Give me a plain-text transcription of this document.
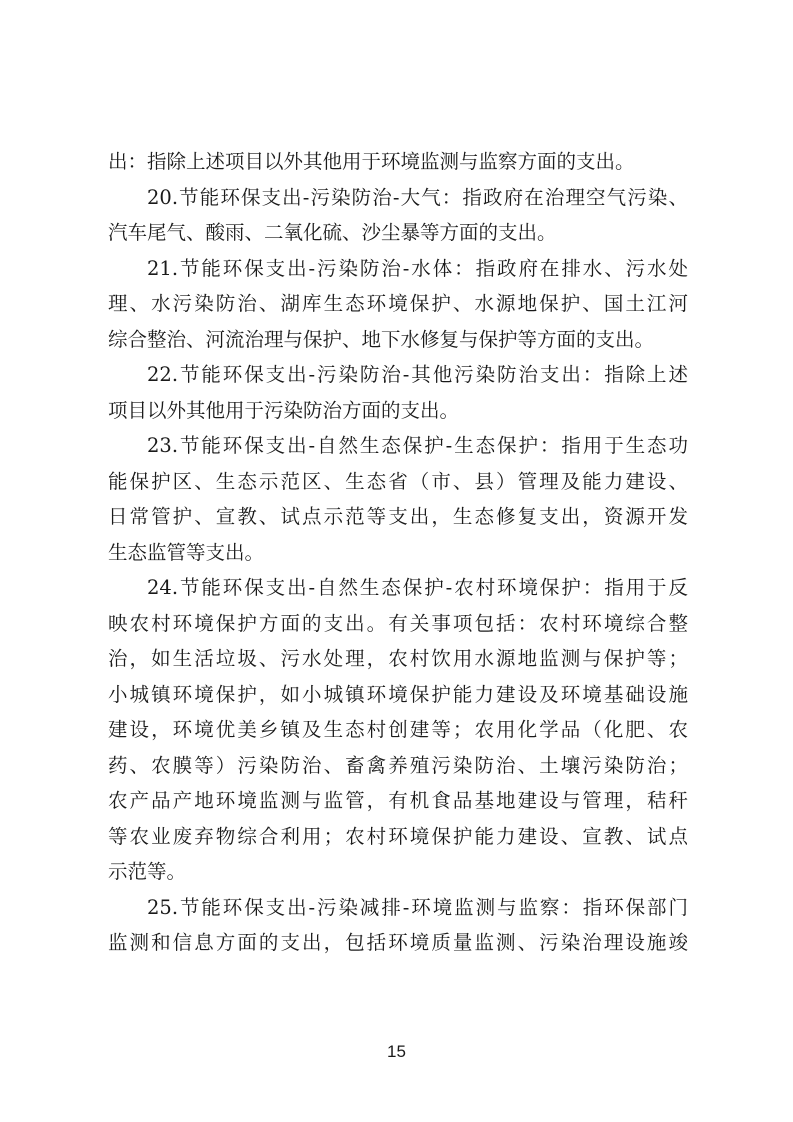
出：指除上述项目以外其他用于环境监测与监察方面的支出。
20.节能环保支出-污染防治-大气：指政府在治理空气污染、
汽车尾气、酸雨、二氧化硫、沙尘暴等方面的支出。
21.节能环保支出-污染防治-水体：指政府在排水、污水处
理、水污染防治、湖库生态环境保护、水源地保护、国土江河
综合整治、河流治理与保护、地下水修复与保护等方面的支出。
22.节能环保支出-污染防治-其他污染防治支出：指除上述
项目以外其他用于污染防治方面的支出。
23.节能环保支出-自然生态保护-生态保护：指用于生态功
能保护区、生态示范区、生态省（市、县）管理及能力建设、
日常管护、宣教、试点示范等支出，生态修复支出，资源开发
生态监管等支出。
24.节能环保支出-自然生态保护-农村环境保护：指用于反
映农村环境保护方面的支出。有关事项包括：农村环境综合整
治，如生活垃圾、污水处理，农村饮用水源地监测与保护等；
小城镇环境保护，如小城镇环境保护能力建设及环境基础设施
建设，环境优美乡镇及生态村创建等；农用化学品（化肥、农
药、农膜等）污染防治、畜禽养殖污染防治、土壤污染防治；
农产品产地环境监测与监管，有机食品基地建设与管理，秸秆
等农业废弃物综合利用；农村环境保护能力建设、宣教、试点
示范等。
25.节能环保支出-污染减排-环境监测与监察：指环保部门
监测和信息方面的支出，包括环境质量监测、污染治理设施竣
15
